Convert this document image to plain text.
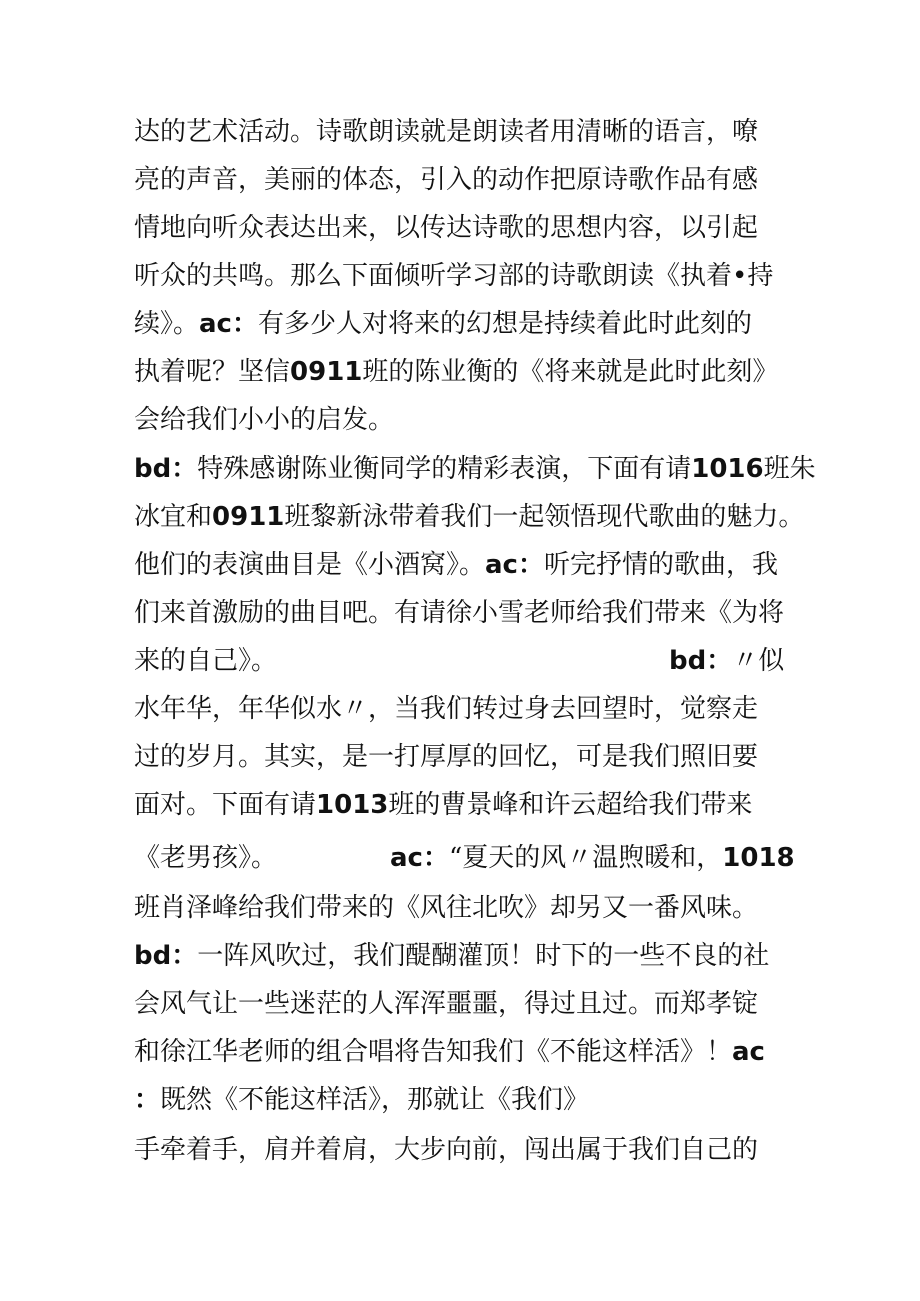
达的艺术活动。诗歌朗读就是朗读者用清晰的语言，嘹
亮的声音，美丽的体态，引入的动作把原诗歌作品有感
情地向听众表达出来，以传达诗歌的思想内容，以引起
听众的共鸣。那么下面倾听学习部的诗歌朗读《执着•持
续》。ac：有多少人对将来的幻想是持续着此时此刻的
执着呢？坚信0911班的陈业衡的《将来就是此时此刻》
会给我们小小的启发。
bd：特殊感谢陈业衡同学的精彩表演，下面有请1016班朱
冰宜和0911班黎新泳带着我们一起领悟现代歌曲的魅力。
他们的表演曲目是《小酒窝》。ac：听完抒情的歌曲，我
们来首激励的曲目吧。有请徐小雪老师给我们带来《为将
来的自己》。	bd：〃似
水年华，年华似水〃，当我们转过身去回望时，觉察走
过的岁月。其实，是一打厚厚的回忆，可是我们照旧要
面对。下面有请1013班的曹景峰和许云超给我们带来
《老男孩》。	ac：“夏天的风〃温煦暖和，1018
班肖泽峰给我们带来的《风往北吹》却另又一番风味。
bd：一阵风吹过，我们醍醐灌顶！时下的一些不良的社
会风气让一些迷茫的人浑浑噩噩，得过且过。而郑孝锭
和徐江华老师的组合唱将告知我们《不能这样活》！ac
：既然《不能这样活》，那就让《我们》
手牵着手，肩并着肩，大步向前，闯出属于我们自己的
